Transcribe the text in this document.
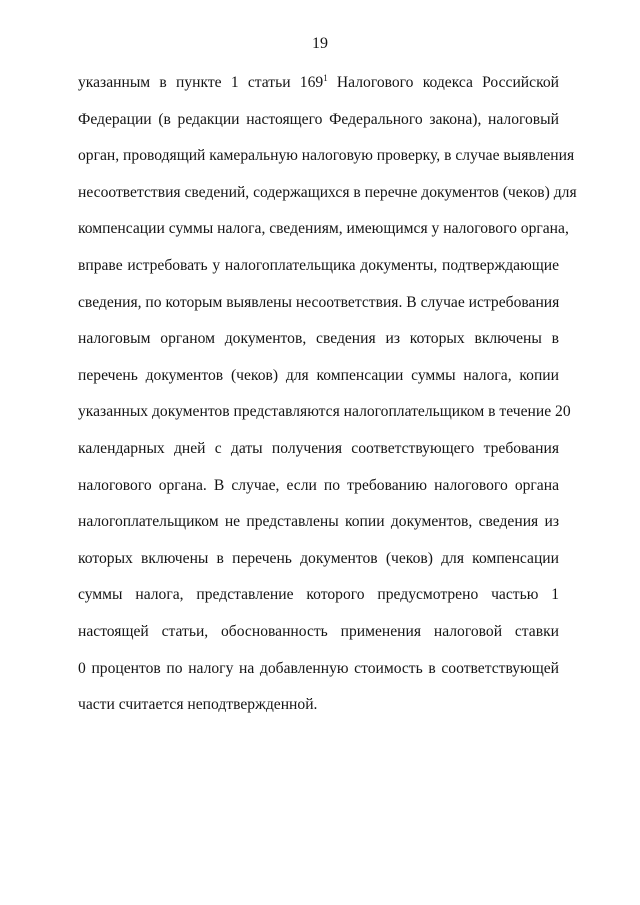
19
указанным в пункте 1 статьи $169^1$ Налогового кодекса Российской
Федерации (в редакции настоящего Федерального закона), налоговый
орган, проводящий камеральную налоговую проверку, в случае выявления
несоответствия сведений, содержащихся в перечне документов (чеков) для
компенсации суммы налога, сведениям, имеющимся у налогового органа,
вправе истребовать у налогоплательщика документы, подтверждающие
сведения, по которым выявлены несоответствия. В случае истребования
налоговым органом документов, сведения из которых включены в
перечень документов (чеков) для компенсации суммы налога, копии
указанных документов представляются налогоплательщиком в течение 20
календарных дней с даты получения соответствующего требования
налогового органа. В случае, если по требованию налогового органа
налогоплательщиком не представлены копии документов, сведения из
которых включены в перечень документов (чеков) для компенсации
суммы налога, представление которого предусмотрено частью 1
настоящей статьи, обоснованность применения налоговой ставки
0 процентов по налогу на добавленную стоимость в соответствующей
части считается неподтвержденной.
